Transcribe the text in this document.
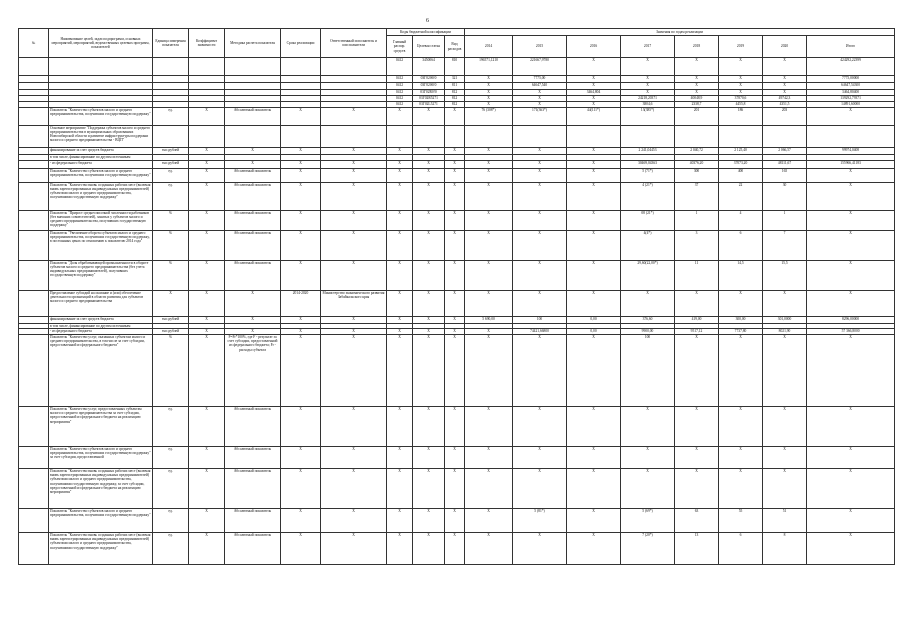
6
№	Наименование целей, задач подпрограмм, основных мероприятий, мероприятий, ведомственных целевых программ, показателей	Единица измерения показателя	Коэффициент значимости	Методика расчета показателя	Срока реализации	Ответственный исполнитель и соисполнители	Коды бюджетной классификации			Значения по годам реализации							
							Главный распор. средств	Целевая статья	Вид расходов	2014	2015	2016	2017	2018	2019	2020	Итого
							0412	3450064	810	196571,1210	221667,9780	X	X	X	X	X	424292,22399
							0412	03Г0206!0	321	X	7775,00	X	X	X	X	X	7775,00000
							0412	03Г0206!0	811	X	64647,540	X	X	X	X	X	64647,54300
							0412	03Г02R0!0	812	X	X	3464,804	X	X	X	X	3464,80400
							0412	03Г02R5271	812	X	X	X	24218,20371	40048,9	37870,6	49742,3	139292,79371
							0412	03Г02L5271	812	X	X	X	3804,6	2338,7	4455,8	4351,5	14891,60000
	Показатель "Количество субъектов малого и среднего предпринимательства, получивших государственную поддержку"	ед.	X	Абсолютный показатель	X	X	X	X	X	76 (308*)	171(363*)	44(111*)	13(385*)	201	186	203	X
	Основное мероприятие "Поддержка субъектов малого и среднего предпринимательства в муниципальных образованиях Новосибирской области и развитие инфраструктуры поддержки малого и среднего предпринимательства - ВЦП"																
	финансирование за счет средств бюджета	тыс.рублей	X	X	X	X	X	X	X	X	X	X	2 241,04453	2 040,72	2 125,40	2 066,57	99974,0408
	в том числе, финансирование по другим источникам																
	- из федерального бюджета	тыс.рублей	X	X	X	X	X	X	X	X	X	X	30469,04363	40376,20	37073,20	48111,67	155966,41183
	Показатель "Количество субъектов малого и среднего предпринимательства, получивших государственную поддержку"	ед.	X	Абсолютный показатель	X	X	X	X	X	X	X	X	5 (71*)	300	400	165	X
	Показатель "Количество вновь созданных рабочих мест (включая вновь зарегистрированных индивидуальных предпринимателей) субъектами малого и среднего предпринимательства, получившими государственную поддержку"	ед.	X	Абсолютный показатель	X	X	X	X	X	X	X	X	4 (21*)	37	22	30	X
	Показатель "Прирост среднесписочной численности работников (без внешних совместителей), занятых у субъектов малого и среднего предпринимательства, получивших государственную поддержку"	%	X	Абсолютный показатель	X	X	X	X	X	X	X	X	08 (21*)	1	4	1	X
	Показатель "Увеличение оборота субъектов малого и среднего предпринимательства, получивших государственную поддержку, в постоянных ценах по отношению к показателю 2014 года"	%	X	Абсолютный показатель	X	X	X	X	X	X	X	X	4(4*)	3	6	7	X
	Показатель "Доля обрабатывающей промышленности в обороте субъектов малого и среднего предпринимательства (без учета индивидуальных предпринимателей), получивших государственную поддержку"	%	X	Абсолютный показатель	X	X	X	X	X	X	X	X	29,60(22,00*)	11	14,5	15,5	X
	Предоставление субсидий на оказание и (или) обеспечение деятельности организаций в области развития для субъектов малого и среднего предпринимательства	X	X	X	2014-2020	Министерство экономического развития Забайкальского края	X	X	X	X	X	X	X	X	X	X	X
	финансирование за счет средств бюджета	тыс.рублей	X	X	X	X	X	X	X	5 690,00	100	0,00	376,60	419,00	300,00	301,0000	8296,00000
	в том числе, финансирование по другим источникам																
	- из федерального бюджета	тыс.рублей	X	X	X	X	X	X	X	X	74421,66800	0,00	9900,00	9517,12	7737,80	8021,90	57 366,8000
	Показатель "Количество услуг, оказанных субъектам малого и среднего предпринимательства, в том числе за счет субсидии, предоставленной из федерального бюджета"	%	X	F=Fr*100%, где F - результат за счет субсидии, предоставленной из федерального бюджета; Fr - расходы субъекта	X	X	X	X	X	X	X	X	100	X	X	X	X
	Показатель "Количество услуг, предоставленных субъектам малого и среднего предпринимательства за счет субсидии, предоставленной из федерального бюджета на реализацию мероприятия"	ед.	X	Абсолютный показатель	X	X	X	X	X	X	X	X	X	X	X	X	X
	Показатель "Количество субъектов малого и среднего предпринимательства, получивших государственную поддержку" за счет субсидии, предоставленной	ед.	X	Абсолютный показатель	X	X	X	X	X	X	X	X	X	X	X	X	X
	Показатель "Количество вновь созданных рабочих мест (включая вновь зарегистрированных индивидуальных предпринимателей) субъектами малого и среднего предпринимательства, получившими государственную поддержку, за счет субсидии, предоставленной из федерального бюджета на реализацию мероприятия"	ед.	X	Абсолютный показатель	X	X	X	X	X	X	X	X	X	X	X	X	X
	Показатель "Количество субъектов малого и среднего предпринимательства, получивших государственную поддержку"	ед.	X	Абсолютный показатель	X	X	X	X	X	X	5 (81*)	X	5 (69*)	63	55	51	X
	Показатель "Количество вновь созданных рабочих мест (включая вновь зарегистрированных индивидуальных предпринимателей) субъектами малого и среднего предпринимательства, получившими государственную поддержку"	ед.	X	Абсолютный показатель	X	X	X	X	X	X	X	X	7 (20*)	13	6	8	X
